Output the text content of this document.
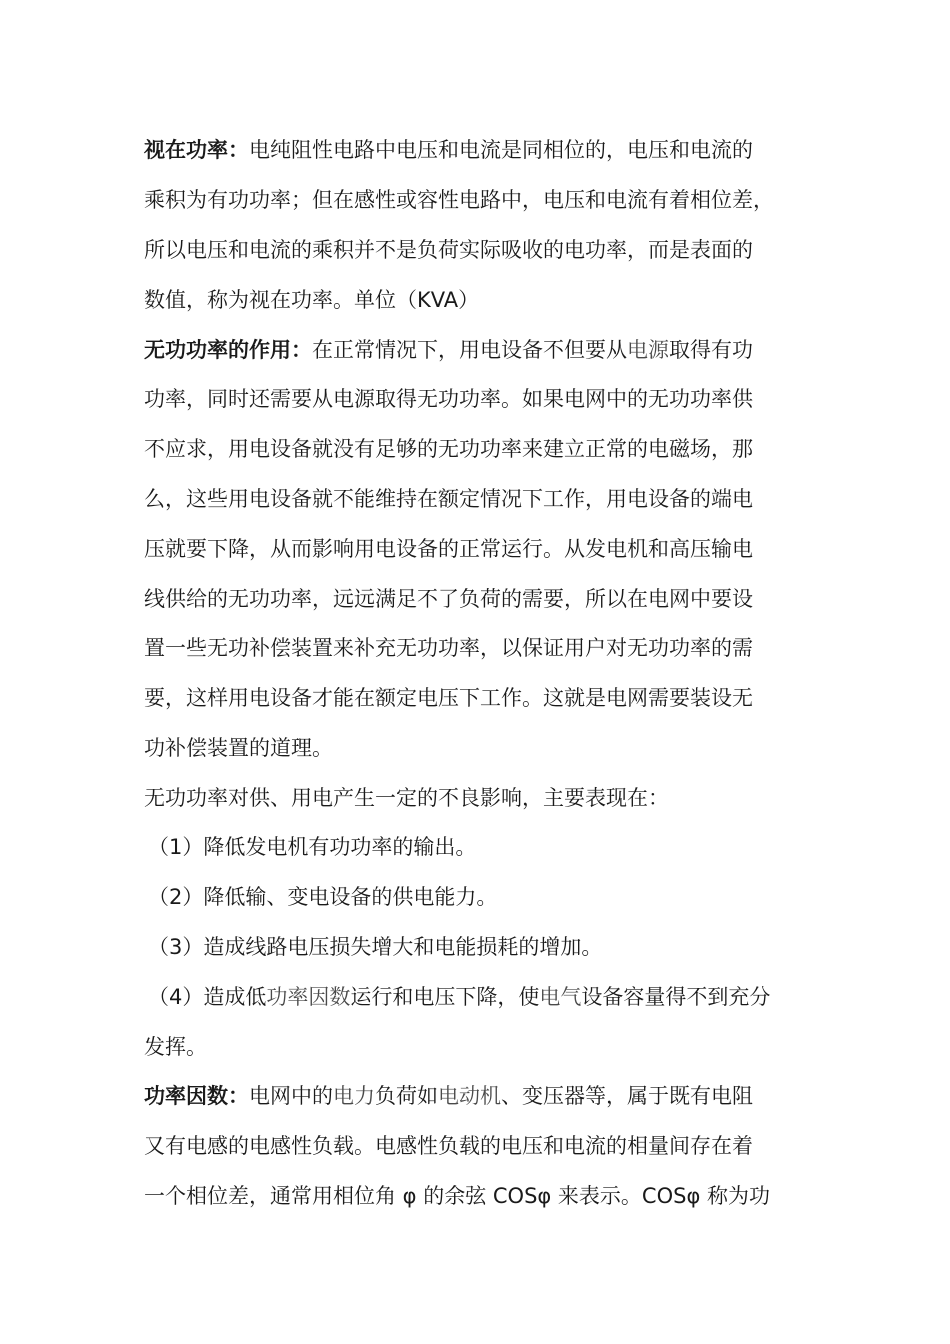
视在功率：电纯阻性电路中电压和电流是同相位的，电压和电流的
乘积为有功功率；但在感性或容性电路中，电压和电流有着相位差，
所以电压和电流的乘积并不是负荷实际吸收的电功率，而是表面的
数值，称为视在功率。单位（KVA）
无功功率的作用：在正常情况下，用电设备不但要从电源取得有功
功率，同时还需要从电源取得无功功率。如果电网中的无功功率供
不应求，用电设备就没有足够的无功功率来建立正常的电磁场，那
么，这些用电设备就不能维持在额定情况下工作，用电设备的端电
压就要下降，从而影响用电设备的正常运行。从发电机和高压输电
线供给的无功功率，远远满足不了负荷的需要，所以在电网中要设
置一些无功补偿装置来补充无功功率，以保证用户对无功功率的需
要，这样用电设备才能在额定电压下工作。这就是电网需要装设无
功补偿装置的道理。
无功功率对供、用电产生一定的不良影响，主要表现在：
（1）降低发电机有功功率的输出。
（2）降低输、变电设备的供电能力。
（3）造成线路电压损失增大和电能损耗的增加。
（4）造成低功率因数运行和电压下降，使电气设备容量得不到充分
发挥。
功率因数：电网中的电力负荷如电动机、变压器等，属于既有电阻
又有电感的电感性负载。电感性负载的电压和电流的相量间存在着
一个相位差，通常用相位角 φ 的余弦 COSφ 来表示。COSφ 称为功
